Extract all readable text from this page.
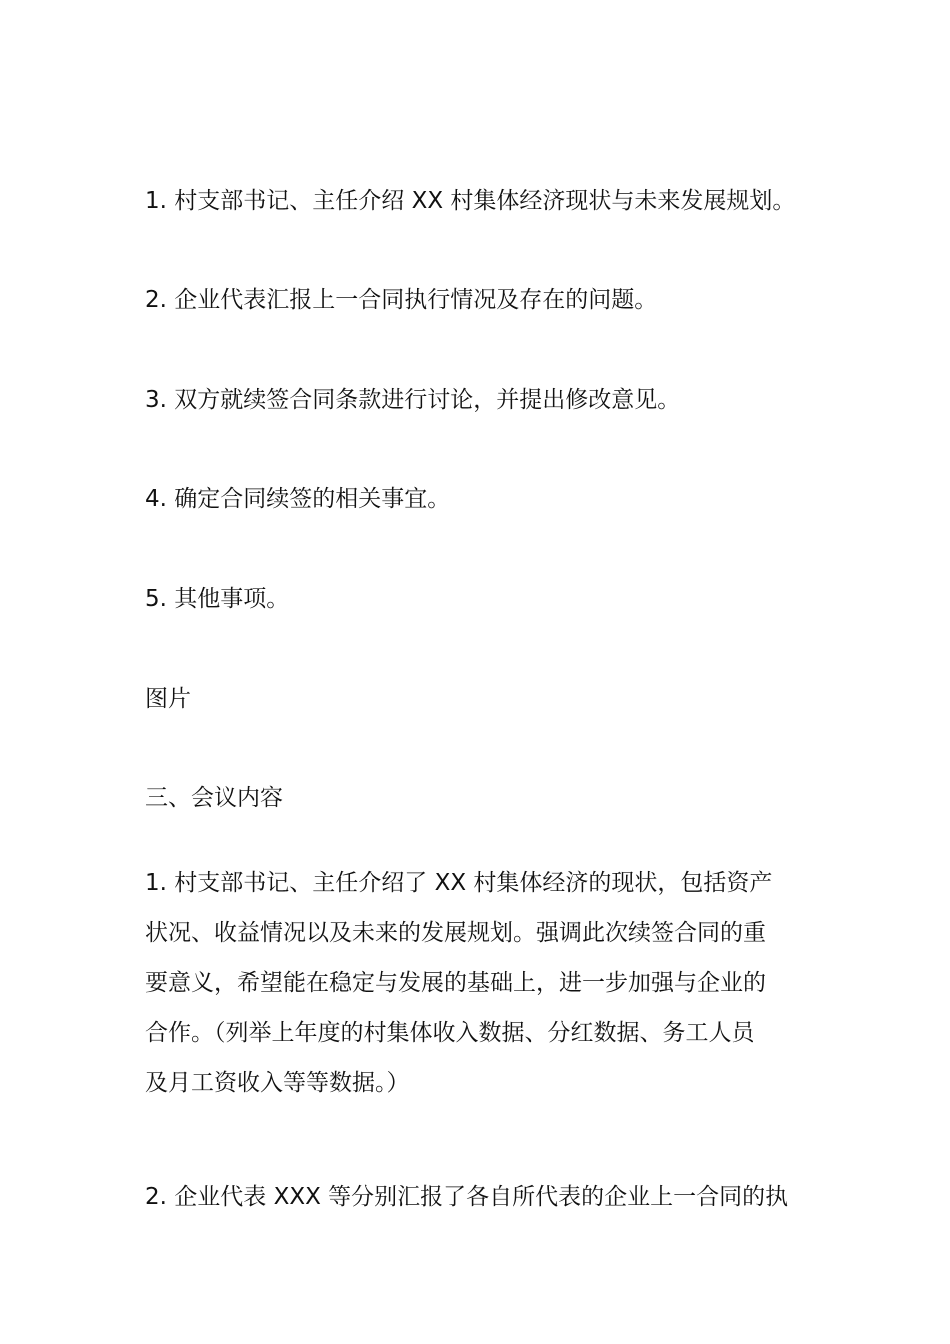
1. 村支部书记、主任介绍 XX 村集体经济现状与未来发展规划。
2. 企业代表汇报上一合同执行情况及存在的问题。
3. 双方就续签合同条款进行讨论，并提出修改意见。
4. 确定合同续签的相关事宜。
5. 其他事项。
图片
三、会议内容
1. 村支部书记、主任介绍了 XX 村集体经济的现状，包括资产
状况、收益情况以及未来的发展规划。强调此次续签合同的重
要意义，希望能在稳定与发展的基础上，进一步加强与企业的
合作。（列举上年度的村集体收入数据、分红数据、务工人员
及月工资收入等等数据。）
2. 企业代表 XXX 等分别汇报了各自所代表的企业上一合同的执
